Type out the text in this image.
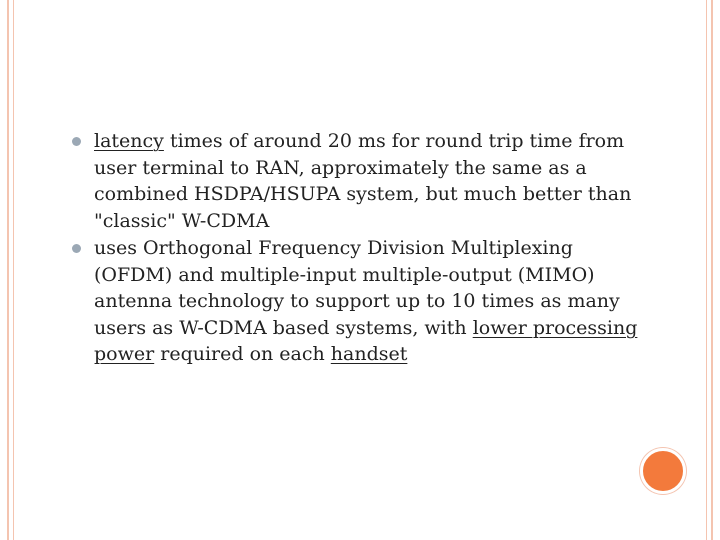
latency times of around 20 ms for round trip time from user terminal to RAN, approximately the same as a combined HSDPA/HSUPA system, but much better than "classic" W-CDMA
uses Orthogonal Frequency Division Multiplexing (OFDM) and multiple-input multiple-output (MIMO) antenna technology to support up to 10 times as many users as W-CDMA based systems, with lower processing power required on each handset
